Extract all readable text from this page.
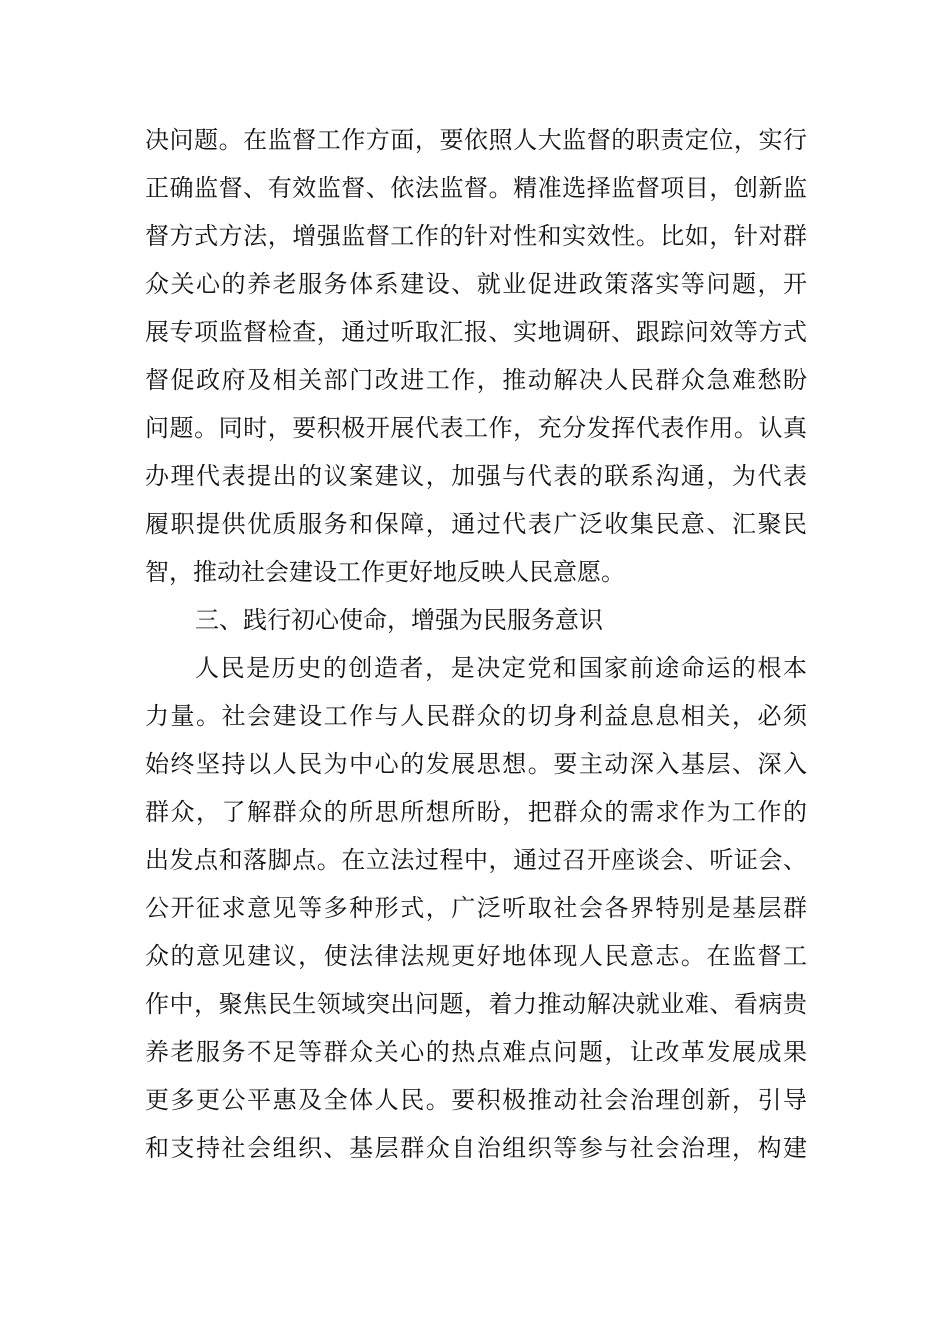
决问题。在监督工作方面，要依照人大监督的职责定位，实行
正确监督、有效监督、依法监督。精准选择监督项目，创新监
督方式方法，增强监督工作的针对性和实效性。比如，针对群
众关心的养老服务体系建设、就业促进政策落实等问题，开
展专项监督检查，通过听取汇报、实地调研、跟踪问效等方式
督促政府及相关部门改进工作，推动解决人民群众急难愁盼
问题。同时，要积极开展代表工作，充分发挥代表作用。认真
办理代表提出的议案建议，加强与代表的联系沟通，为代表
履职提供优质服务和保障，通过代表广泛收集民意、汇聚民
智，推动社会建设工作更好地反映人民意愿。
三、践行初心使命，增强为民服务意识
人民是历史的创造者，是决定党和国家前途命运的根本
力量。社会建设工作与人民群众的切身利益息息相关，必须
始终坚持以人民为中心的发展思想。要主动深入基层、深入
群众，了解群众的所思所想所盼，把群众的需求作为工作的
出发点和落脚点。在立法过程中，通过召开座谈会、听证会、
公开征求意见等多种形式，广泛听取社会各界特别是基层群
众的意见建议，使法律法规更好地体现人民意志。在监督工
作中，聚焦民生领域突出问题，着力推动解决就业难、看病贵
养老服务不足等群众关心的热点难点问题，让改革发展成果
更多更公平惠及全体人民。要积极推动社会治理创新，引导
和支持社会组织、基层群众自治组织等参与社会治理，构建
